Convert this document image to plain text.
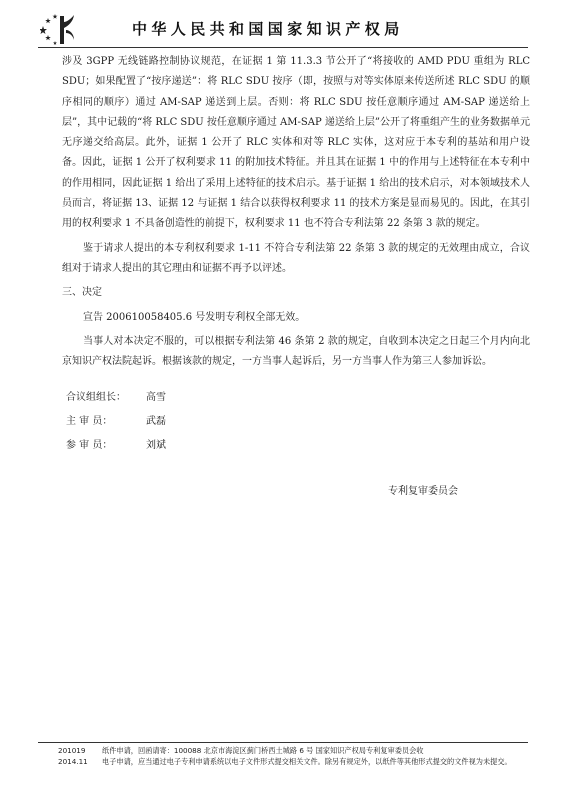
中华人民共和国国家知识产权局

涉及 3GPP 无线链路控制协议规范，在证据 1 第 11.3.3 节公开了“将接收的 AMD PDU 重组为 RLC SDU；如果配置了“按序递送”：将 RLC SDU 按序（即，按照与对等实体原来传送所述 RLC SDU 的顺序相同的顺序）通过 AM-SAP 递送到上层。否则：将 RLC SDU 按任意顺序通过 AM-SAP 递送给上层”，其中记载的“将 RLC SDU 按任意顺序通过 AM-SAP 递送给上层”公开了将重组产生的业务数据单元无序递交给高层。此外，证据 1 公开了 RLC 实体和对等 RLC 实体，这对应于本专利的基站和用户设备。因此，证据 1 公开了权利要求 11 的附加技术特征。并且其在证据 1 中的作用与上述特征在本专利中的作用相同，因此证据 1 给出了采用上述特征的技术启示。基于证据 1 给出的技术启示，对本领域技术人员而言，将证据 13、证据 12 与证据 1 结合以获得权利要求 11 的技术方案是显而易见的。因此，在其引用的权利要求 1 不具备创造性的前提下，权利要求 11 也不符合专利法第 22 条第 3 款的规定。

鉴于请求人提出的本专利权利要求 1-11 不符合专利法第 22 条第 3 款的规定的无效理由成立，合议组对于请求人提出的其它理由和证据不再予以评述。

三、决定

宣告 200610058405.6 号发明专利权全部无效。

当事人对本决定不服的，可以根据专利法第 46 条第 2 款的规定，自收到本决定之日起三个月内向北京知识产权法院起诉。根据该款的规定，一方当事人起诉后，另一方当事人作为第三人参加诉讼。

合议组组长：	高雪
主 审 员：	武磊
参 审 员：	刘斌
专利复审委员会
201019	纸件申请，回函请寄：100088 北京市海淀区蓟门桥西土城路 6 号 国家知识产权局专利复审委员会收
2014.11	电子申请，应当通过电子专利申请系统以电子文件形式提交相关文件。除另有规定外，以纸件等其他形式提交的文件视为未提交。
